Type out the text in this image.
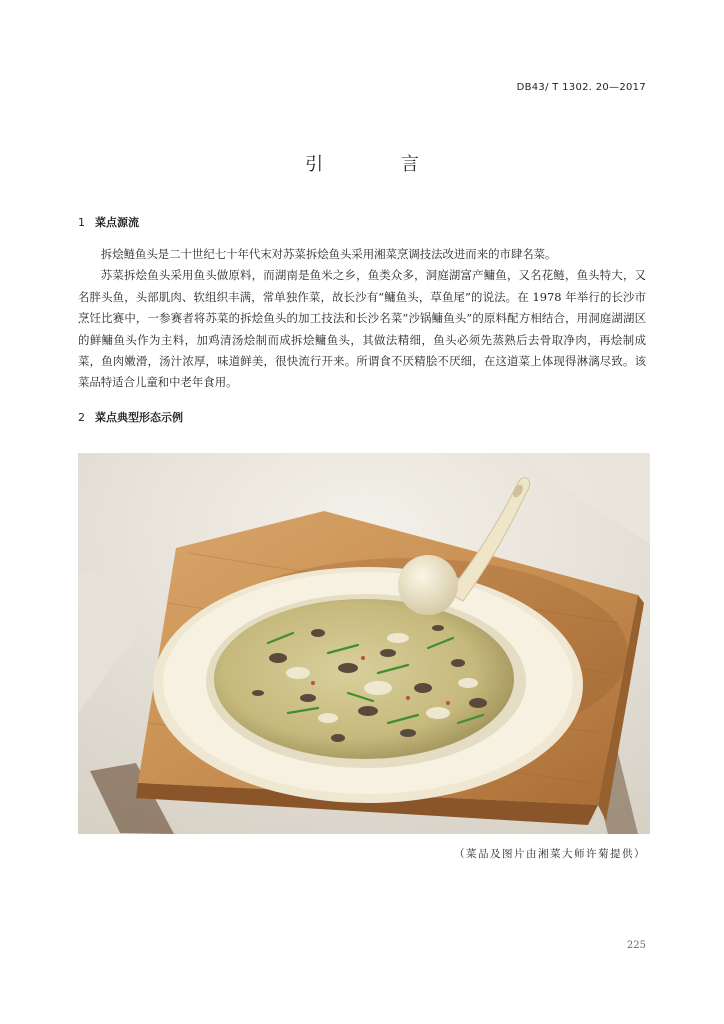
DB43/ T 1302. 20—2017
引 言
1 菜点源流

拆烩鲢鱼头是二十世纪七十年代末对苏菜拆烩鱼头采用湘菜烹调技法改进而来的市肆名菜。

苏菜拆烩鱼头采用鱼头做原料，而湖南是鱼米之乡，鱼类众多，洞庭湖富产鳙鱼，又名花鲢，鱼头特大，又名胖头鱼，头部肌肉、软组织丰满，常单独作菜，故长沙有“鳙鱼头，草鱼尾”的说法。在 1978 年举行的长沙市烹饪比赛中，一参赛者将苏菜的拆烩鱼头的加工技法和长沙名菜“沙锅鳙鱼头”的原料配方相结合，用洞庭湖湖区的鲜鳙鱼头作为主料，加鸡清汤烩制而成拆烩鳙鱼头，其做法精细，鱼头必须先蒸熟后去骨取净肉，再烩制成菜，鱼肉嫩滑，汤汁浓厚，味道鲜美，很快流行开来。所谓食不厌精脍不厌细，在这道菜上体现得淋漓尽致。该菜品特适合儿童和中老年食用。

2 菜点典型形态示例
（菜品及图片由湘菜大师许菊提供）
225
